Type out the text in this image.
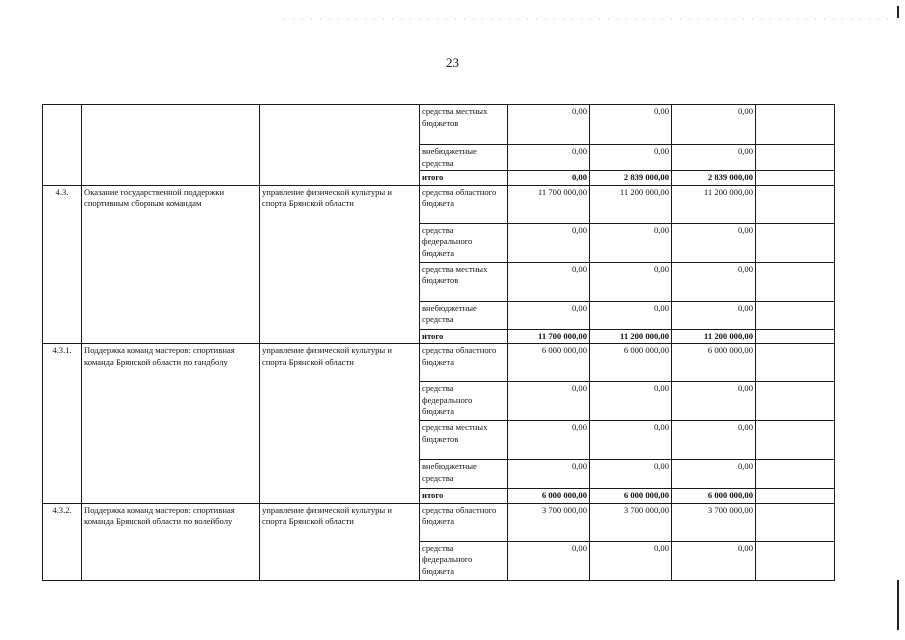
23
			средства местных бюджетов	0,00	0,00	0,00	
			внебюджетные средства	0,00	0,00	0,00	
			итого	0,00	2 839 000,00	2 839 000,00	
4.3.	Оказание государственной поддержки спортивным сборным командам	управление физической культуры и спорта Брянской области	средства областного бюджета	11 700 000,00	11 200 000,00	11 200 000,00	
			средства федерального бюджета	0,00	0,00	0,00	
			средства местных бюджетов	0,00	0,00	0,00	
			внебюджетные средства	0,00	0,00	0,00	
			итого	11 700 000,00	11 200 000,00	11 200 000,00	
4.3.1.	Поддержка команд мастеров: спортивная команда Брянской области по гандболу	управление физической культуры и спорта Брянской области	средства областного бюджета	6 000 000,00	6 000 000,00	6 000 000,00	
			средства федерального бюджета	0,00	0,00	0,00	
			средства местных бюджетов	0,00	0,00	0,00	
			внебюджетные средства	0,00	0,00	0,00	
			итого	6 000 000,00	6 000 000,00	6 000 000,00	
4.3.2.	Поддержка команд мастеров: спортивная команда Брянской области по волейболу	управление физической культуры и спорта Брянской области	средства областного бюджета	3 700 000,00	3 700 000,00	3 700 000,00	
			средства федерального бюджета	0,00	0,00	0,00	
